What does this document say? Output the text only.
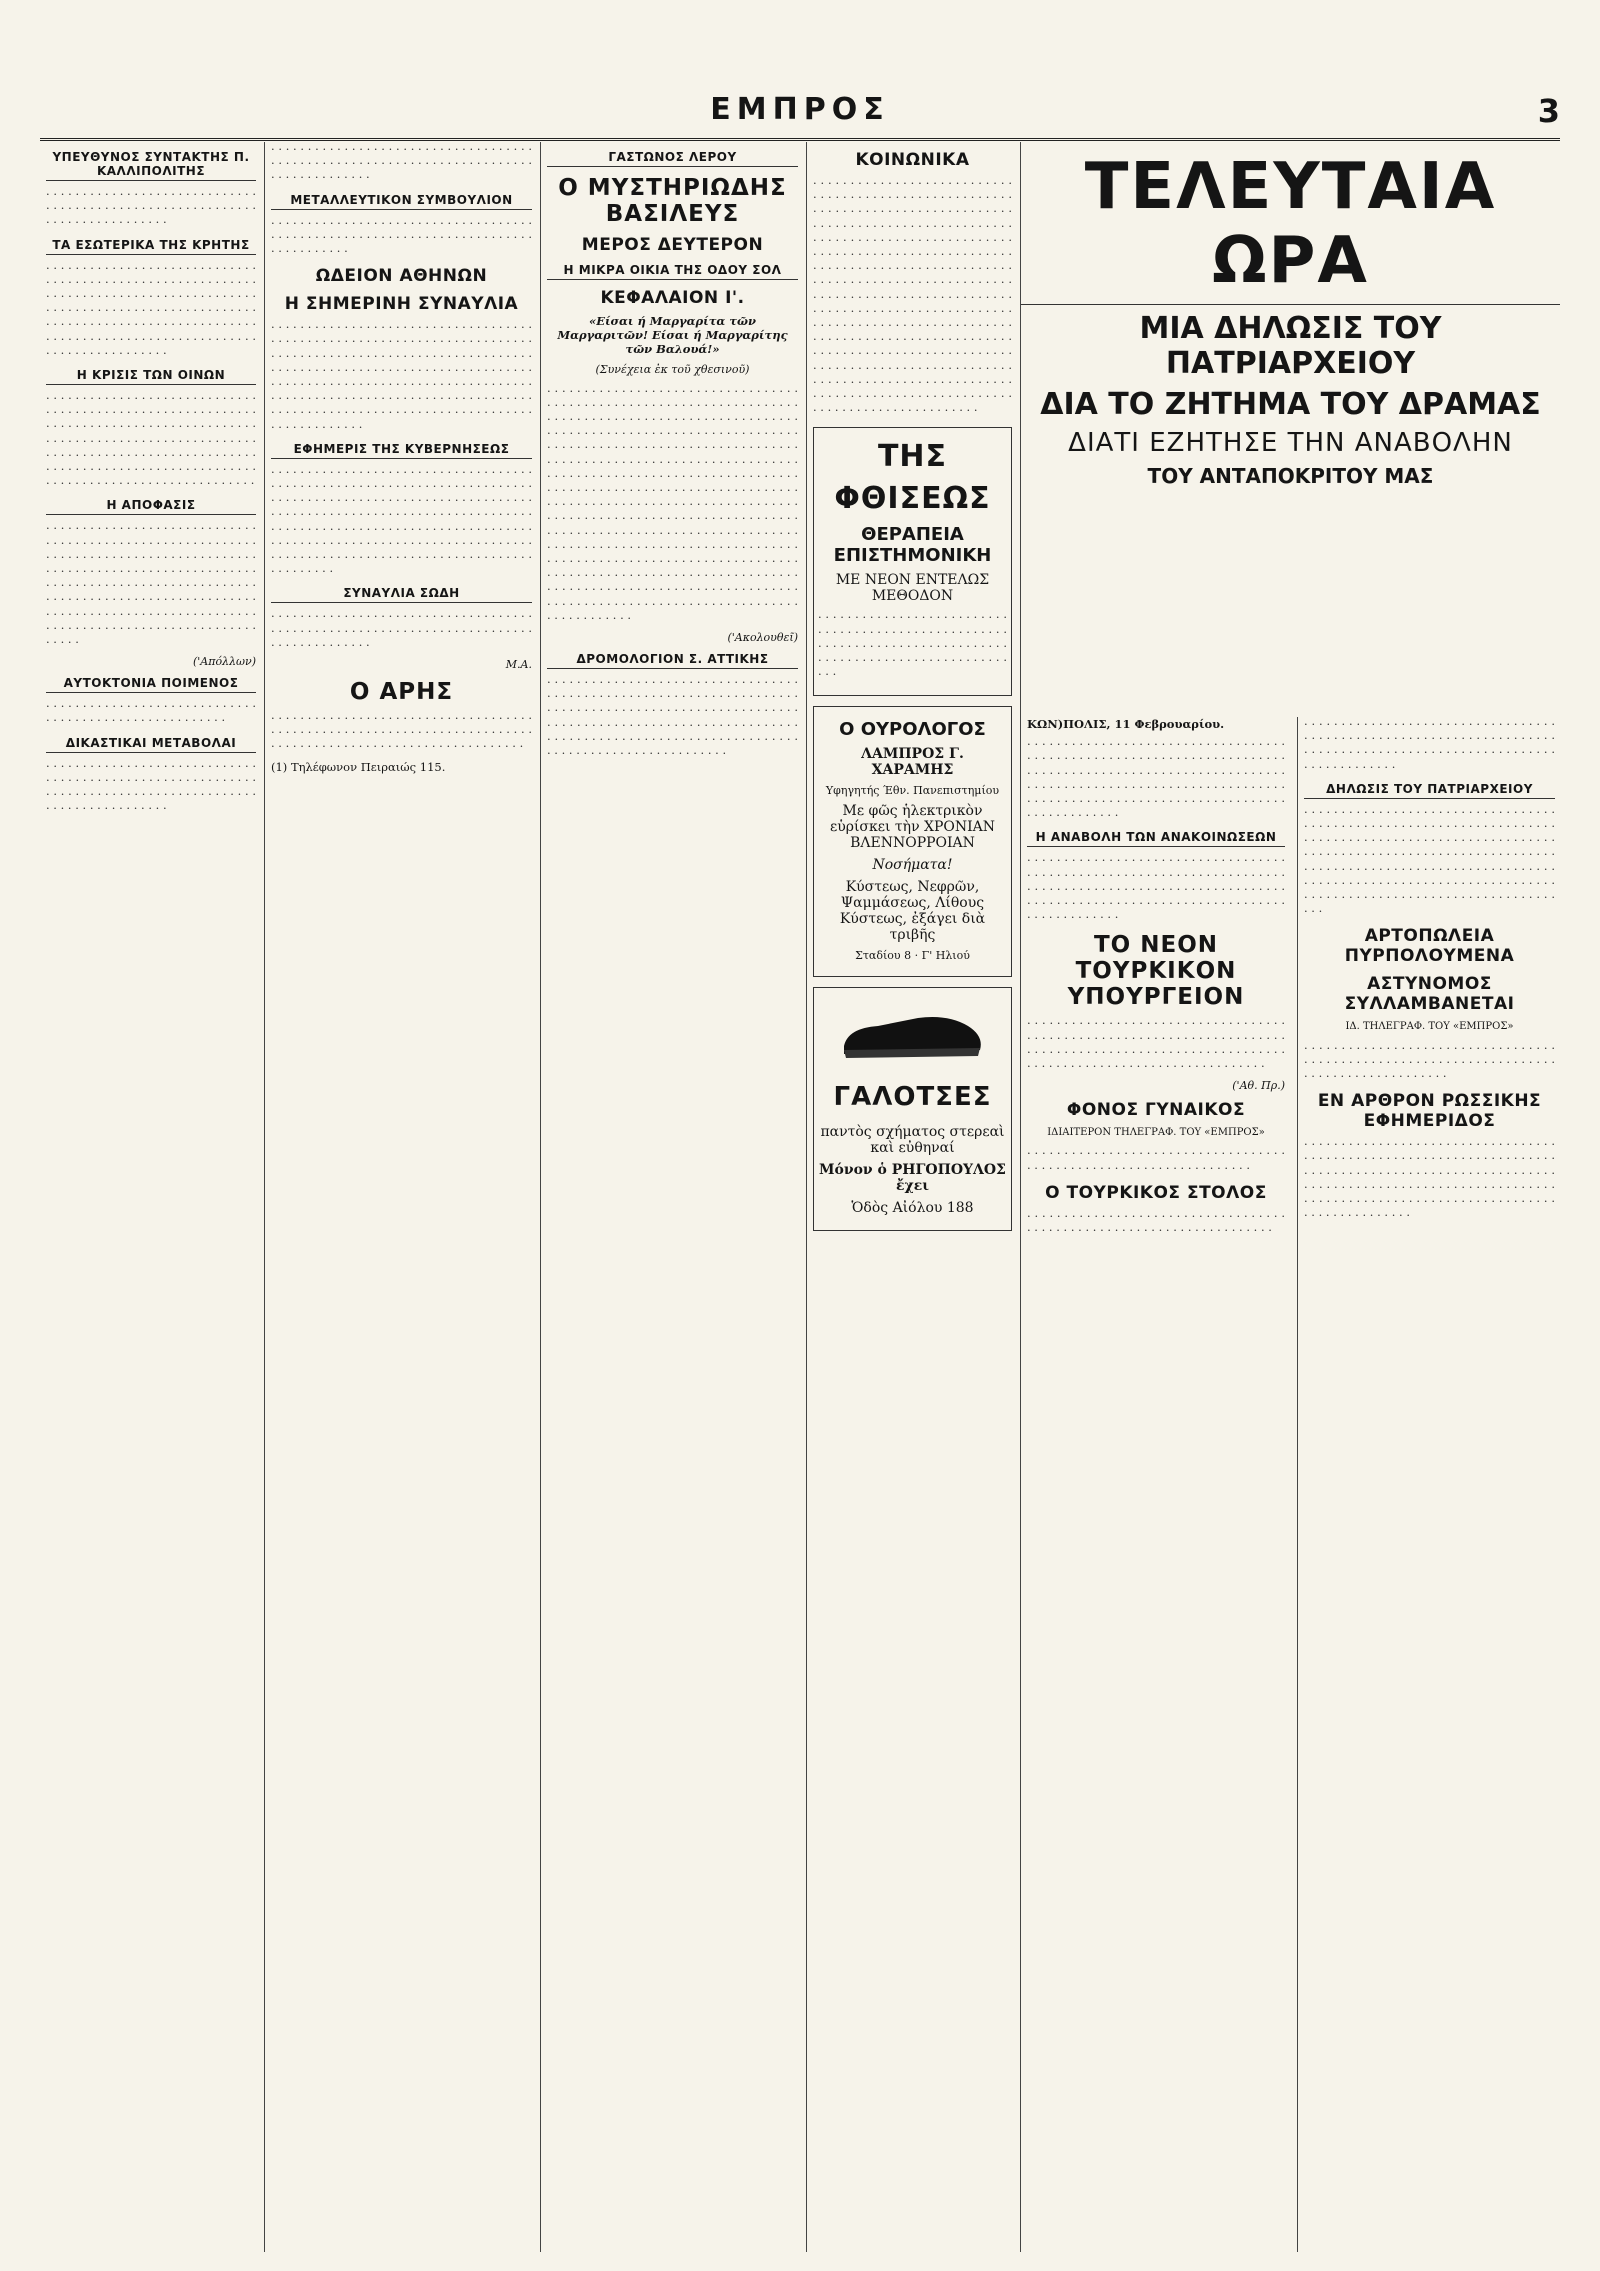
ΕΜΠΡΟΣ	3
ΥΠΕΥΘΥΝΟΣ ΣΥΝΤΑΚΤΗΣ Π. ΚΑΛΛΙΠΟΛΙΤΗΣ
· · · · · · · · · · · · · · · · · · · · · · · · · · · · · · · · · · · · · · · · · · · · · · · · · · · · · · · · · · · · · · · · · · · · · · · · · · ·
ΤΑ ΕΣΩΤΕΡΙΚΑ ΤΗΣ ΚΡΗΤΗΣ
· · · · · · · · · · · · · · · · · · · · · · · · · · · · · · · · · · · · · · · · · · · · · · · · · · · · · · · · · · · · · · · · · · · · · · · · · · · · · · · · · · · · · · · · · · · · · · · · · · · · · · · · · · · · · · · · · · · · · · · · · · · · · · · · · · · · · · · · · · · · · · · · · · · · · · · · · · · · · · · · · · · · · · · · · · · · · · · · · · · · · · · · · · · · · · ·
Η ΚΡΙΣΙΣ ΤΩΝ ΟΙΝΩΝ
· · · · · · · · · · · · · · · · · · · · · · · · · · · · · · · · · · · · · · · · · · · · · · · · · · · · · · · · · · · · · · · · · · · · · · · · · · · · · · · · · · · · · · · · · · · · · · · · · · · · · · · · · · · · · · · · · · · · · · · · · · · · · · · · · · · · · · · · · · · · · · · · · · · · · · · · · · · · · · · · · · · · · · · · · · · · · · · · · · · · · · · · · · · · · · · · · · · · · · · · · · ·
Η ΑΠΟΦΑΣΙΣ
· · · · · · · · · · · · · · · · · · · · · · · · · · · · · · · · · · · · · · · · · · · · · · · · · · · · · · · · · · · · · · · · · · · · · · · · · · · · · · · · · · · · · · · · · · · · · · · · · · · · · · · · · · · · · · · · · · · · · · · · · · · · · · · · · · · · · · · · · · · · · · · · · · · · · · · · · · · · · · · · · · · · · · · · · · · · · · · · · · · · · · · · · · · · · · · · · · · · · · · · · · · · · · · · · · · · · · · · · · · · · · · · · · · · · · · · · · · · ·
('Απόλλων)
ΑΥΤΟΚΤΟΝΙΑ ΠΟΙΜΕΝΟΣ
· · · · · · · · · · · · · · · · · · · · · · · · · · · · · · · · · · · · · · · · · · · · · · · · · · · · · ·
ΔΙΚΑΣΤΙΚΑΙ ΜΕΤΑΒΟΛΑΙ
· · · · · · · · · · · · · · · · · · · · · · · · · · · · · · · · · · · · · · · · · · · · · · · · · · · · · · · · · · · · · · · · · · · · · · · · · · · · · · · · · · · · · · · · · · · · · · · · · · · · · · · ·
· · · · · · · · · · · · · · · · · · · · · · · · · · · · · · · · · · · · · · · · · · · · · · · · · · · · · · · · · · · · · · · · · · · · · · · · · · · · · · · · · · · · · ·
ΜΕΤΑΛΛΕΥΤΙΚΟΝ ΣΥΜΒΟΥΛΙΟΝ
· · · · · · · · · · · · · · · · · · · · · · · · · · · · · · · · · · · · · · · · · · · · · · · · · · · · · · · · · · · · · · · · · · · · · · · · · · · · · · · · · · ·
ΩΔΕΙΟΝ ΑΘΗΝΩΝ
Η ΣΗΜΕΡΙΝΗ ΣΥΝΑΥΛΙΑ
· · · · · · · · · · · · · · · · · · · · · · · · · · · · · · · · · · · · · · · · · · · · · · · · · · · · · · · · · · · · · · · · · · · · · · · · · · · · · · · · · · · · · · · · · · · · · · · · · · · · · · · · · · · · · · · · · · · · · · · · · · · · · · · · · · · · · · · · · · · · · · · · · · · · · · · · · · · · · · · · · · · · · · · · · · · · · · · · · · · · · · · · · · · · · · · · · · · · · · · · · · · · · · · · · · · · · · · · · · · · · · · · · · · · · · · · · · · · · · · · · · · · · · · · · · · · · · · · · · · · · · · · ·
ΕΦΗΜΕΡΙΣ ΤΗΣ ΚΥΒΕΡΝΗΣΕΩΣ
· · · · · · · · · · · · · · · · · · · · · · · · · · · · · · · · · · · · · · · · · · · · · · · · · · · · · · · · · · · · · · · · · · · · · · · · · · · · · · · · · · · · · · · · · · · · · · · · · · · · · · · · · · · · · · · · · · · · · · · · · · · · · · · · · · · · · · · · · · · · · · · · · · · · · · · · · · · · · · · · · · · · · · · · · · · · · · · · · · · · · · · · · · · · · · · · · · · · · · · · · · · · · · · · · · · · · · · · · · · · · · · · · · · · · · · · · · · · · · · · · · · · · · · · · · · · · · · · · · · · ·
ΣΥΝΑΥΛΙΑ ΣΩΔΗ
· · · · · · · · · · · · · · · · · · · · · · · · · · · · · · · · · · · · · · · · · · · · · · · · · · · · · · · · · · · · · · · · · · · · · · · · · · · · · · · · · · · · · ·
M.A.
Ο ΑΡΗΣ
· · · · · · · · · · · · · · · · · · · · · · · · · · · · · · · · · · · · · · · · · · · · · · · · · · · · · · · · · · · · · · · · · · · · · · · · · · · · · · · · · · · · · · · · · · · · · · · · · · · · · · · · · · ·

(1) Τηλέφωνον Πειραιώς 115.

ΓΑΣΤΩΝΟΣ ΛΕΡΟΥ
Ο ΜΥΣΤΗΡΙΩΔΗΣ ΒΑΣΙΛΕΥΣ
ΜΕΡΟΣ ΔΕΥΤΕΡΟΝ
Η ΜΙΚΡΑ ΟΙΚΙΑ ΤΗΣ ΟΔΟΥ ΣΟΛ
ΚΕΦΑΛΑΙΟΝ Ι'.

«Είσαι ή Μαργαρίτα τῶν Μαργαριτῶν! Είσαι ή Μαργαρίτης τῶν Βαλουά!»

(Συνέχεια ἐκ τοῦ χθεσινοῦ)
· · · · · · · · · · · · · · · · · · · · · · · · · · · · · · · · · · · · · · · · · · · · · · · · · · · · · · · · · · · · · · · · · · · · · · · · · · · · · · · · · · · · · · · · · · · · · · · · · · · · · · · · · · · · · · · · · · · · · · · · · · · · · · · · · · · · · · · · · · · · · · · · · · · · · · · · · · · · · · · · · · · · · · · · · · · · · · · · · · · · · · · · · · · · · · · · · · · · · · · · · · · · · · · · · · · · · · · · · · · · · · · · · · · · · · · · · · · · · · · · · · · · · · · · · · · · · · · · · · · · · · · · · · · · · · · · · · · · · · · · · · · · · · · · · · · · · · · · · · · · · · · · · · · · · · · · · · · · · · · · · · · · · · · · · · · · · · · · · · · · · · · · · · · · · · · · · · · · · · · · · · · · · · · · · · · · · · · · · · · · · · · · · · · · · · · · · · · · · · · · · · · · · · · · · · · · · · · · · · · · · · · · · · · · · · · · · · · · · · · · · · · · · · · · · · · · · · · · · · · · · · · · · · · · · · · · · · · · · · · · · · · · · · · · · · · · · · · · · · · · · · · · · · · · · · · · · · · · · · · · · · · · · · · · · · · · · · · · · · · · · · · · · · · · · · · · · · · ·
('Ακολουθεῖ)
ΔΡΟΜΟΛΟΓΙΟΝ Σ. ΑΤΤΙΚΗΣ
· · · · · · · · · · · · · · · · · · · · · · · · · · · · · · · · · · · · · · · · · · · · · · · · · · · · · · · · · · · · · · · · · · · · · · · · · · · · · · · · · · · · · · · · · · · · · · · · · · · · · · · · · · · · · · · · · · · · · · · · · · · · · · · · · · · · · · · · · · · · · · · · · · · · · · · · · · · · · · · · · · · · · · · · · · · · · · · · · · · · · · · · · · · · · · · · · · ·
ΚΟΙΝΩΝΙΚΑ
· · · · · · · · · · · · · · · · · · · · · · · · · · · · · · · · · · · · · · · · · · · · · · · · · · · · · · · · · · · · · · · · · · · · · · · · · · · · · · · · · · · · · · · · · · · · · · · · · · · · · · · · · · · · · · · · · · · · · · · · · · · · · · · · · · · · · · · · · · · · · · · · · · · · · · · · · · · · · · · · · · · · · · · · · · · · · · · · · · · · · · · · · · · · · · · · · · · · · · · · · · · · · · · · · · · · · · · · · · · · · · · · · · · · · · · · · · · · · · · · · · · · · · · · · · · · · · · · · · · · · · · · · · · · · · · · · · · · · · · · · · · · · · · · · · · · · · · · · · · · · · · · · · · · · · · · · · · · · · · · · · · · · · · · · · · · · · · · · · · · · · · · · · · · · · · · · · · · · · · · · · · · · · · · · · · · · · · · · · · · · · · · · · · · · · · · · · · · · · · · · · · · · · · · · · · · · · · · · · · · · · · · · · · · · · · · · · · · · · · · · · · · · · · · · · · · · · ·
ΤΗΣ ΦΘΙΣΕΩΣ
ΘΕΡΑΠΕΙΑ ΕΠΙΣΤΗΜΟΝΙΚΗ
ΜΕ ΝΕΟΝ ΕΝΤΕΛΩΣ ΜΕΘΟΔΟΝ
· · · · · · · · · · · · · · · · · · · · · · · · · · · · · · · · · · · · · · · · · · · · · · · · · · · · · · · · · · · · · · · · · · · · · · · · · · · · · · · · · · · · · · · · · · · · · · · · · · · · · · · · · · ·
Ο ΟΥΡΟΛΟΓΟΣ
ΛΑΜΠΡΟΣ Γ. ΧΑΡΑΜΗΣ
Υφηγητής Έθν. Πανεπιστημίου
Με φῶς ἡλεκτρικὸν εὑρίσκει τὴν ΧΡΟΝΙΑΝ ΒΛΕΝΝΟΡΡΟΙΑΝ
Νοσήματα!
Κύστεως, Νεφρῶν, Ψαμμάσεως, Λίθους Κύστεως, ἐξάγει διὰ τριβῆς
Σταδίου 8 · Γ' Ηλιού
ΓΑΛΟΤΣΕΣ
παντὸς σχήματος στερεαὶ καὶ εὐθηναί
Μόνον ὁ ΡΗΓΟΠΟΥΛΟΣ ἔχει
Ὁδὸς Αἰόλου 188
ΤΕΛΕΥΤΑΙΑ ΩΡΑ
ΜΙΑ ΔΗΛΩΣΙΣ ΤΟΥ ΠΑΤΡΙΑΡΧΕΙΟΥ
ΔΙΑ ΤΟ ΖΗΤΗΜΑ ΤΟΥ ΔΡΑΜΑΣ
ΔΙΑΤΙ ΕΖΗΤΗΣΕ ΤΗΝ ΑΝΑΒΟΛΗΝ
ΤΟΥ ΑΝΤΑΠΟΚΡΙΤΟΥ ΜΑΣ

ΚΩΝ)ΠΟΛΙΣ, 11 Φεβρουαρίου.

· · · · · · · · · · · · · · · · · · · · · · · · · · · · · · · · · · · · · · · · · · · · · · · · · · · · · · · · · · · · · · · · · · · · · · · · · · · · · · · · · · · · · · · · · · · · · · · · · · · · · · · · · · · · · · · · · · · · · · · · · · · · · · · · · · · · · · · · · · · · · · · · · · · · · · · · · · · · · · · · · · · · · · · · · · · · · · · · · · · · · · · · · · · ·
Η ΑΝΑΒΟΛΗ ΤΩΝ ΑΝΑΚΟΙΝΩΣΕΩΝ
· · · · · · · · · · · · · · · · · · · · · · · · · · · · · · · · · · · · · · · · · · · · · · · · · · · · · · · · · · · · · · · · · · · · · · · · · · · · · · · · · · · · · · · · · · · · · · · · · · · · · · · · · · · · · · · · · · · · · · · · · · · · · · · · · · · · · · · · · · · · · · · · · · · · · · · · ·
ΤΟ ΝΕΟΝ ΤΟΥΡΚΙΚΟΝ ΥΠΟΥΡΓΕΙΟΝ
· · · · · · · · · · · · · · · · · · · · · · · · · · · · · · · · · · · · · · · · · · · · · · · · · · · · · · · · · · · · · · · · · · · · · · · · · · · · · · · · · · · · · · · · · · · · · · · · · · · · · · · · · · · · · · · · · · · · · · · · · · · · · · · · · · · · · · · · · ·
('Αθ. Πρ.)
ΦΟΝΟΣ ΓΥΝΑΙΚΟΣ

ΙΔΙΑΙΤΕΡΟΝ ΤΗΛΕΓΡΑΦ. ΤΟΥ «ΕΜΠΡΟΣ»

· · · · · · · · · · · · · · · · · · · · · · · · · · · · · · · · · · · · · · · · · · · · · · · · · · · · · · · · · · · · · · · · · ·
Ο ΤΟΥΡΚΙΚΟΣ ΣΤΟΛΟΣ
· · · · · · · · · · · · · · · · · · · · · · · · · · · · · · · · · · · · · · · · · · · · · · · · · · · · · · · · · · · · · · · · · · · · ·
· · · · · · · · · · · · · · · · · · · · · · · · · · · · · · · · · · · · · · · · · · · · · · · · · · · · · · · · · · · · · · · · · · · · · · · · · · · · · · · · · · · · · · · · · · · · · · · · · · · · · · · · · · · · · · · · · · ·
ΔΗΛΩΣΙΣ ΤΟΥ ΠΑΤΡΙΑΡΧΕΙΟΥ
· · · · · · · · · · · · · · · · · · · · · · · · · · · · · · · · · · · · · · · · · · · · · · · · · · · · · · · · · · · · · · · · · · · · · · · · · · · · · · · · · · · · · · · · · · · · · · · · · · · · · · · · · · · · · · · · · · · · · · · · · · · · · · · · · · · · · · · · · · · · · · · · · · · · · · · · · · · · · · · · · · · · · · · · · · · · · · · · · · · · · · · · · · · · · · · · · · · · · · · · · · · · · · · · · · · · · · · · · · · · · · · · · · · · · · · · · · · · · · · · ·
ΑΡΤΟΠΩΛΕΙΑ ΠΥΡΠΟΛΟΥΜΕΝΑ
ΑΣΤΥΝΟΜΟΣ ΣΥΛΛΑΜΒΑΝΕΤΑΙ

ΙΔ. ΤΗΛΕΓΡΑΦ. ΤΟΥ «ΕΜΠΡΟΣ»

· · · · · · · · · · · · · · · · · · · · · · · · · · · · · · · · · · · · · · · · · · · · · · · · · · · · · · · · · · · · · · · · · · · · · · · · · · · · · · · · · · · · · · · ·
ΕΝ ΑΡΘΡΟΝ ΡΩΣΣΙΚΗΣ ΕΦΗΜΕΡΙΔΟΣ
· · · · · · · · · · · · · · · · · · · · · · · · · · · · · · · · · · · · · · · · · · · · · · · · · · · · · · · · · · · · · · · · · · · · · · · · · · · · · · · · · · · · · · · · · · · · · · · · · · · · · · · · · · · · · · · · · · · · · · · · · · · · · · · · · · · · · · · · · · · · · · · · · · · · · · · · · · · · · · · · · · · · · · · · · · · · · · · · · · · · · · · · ·
